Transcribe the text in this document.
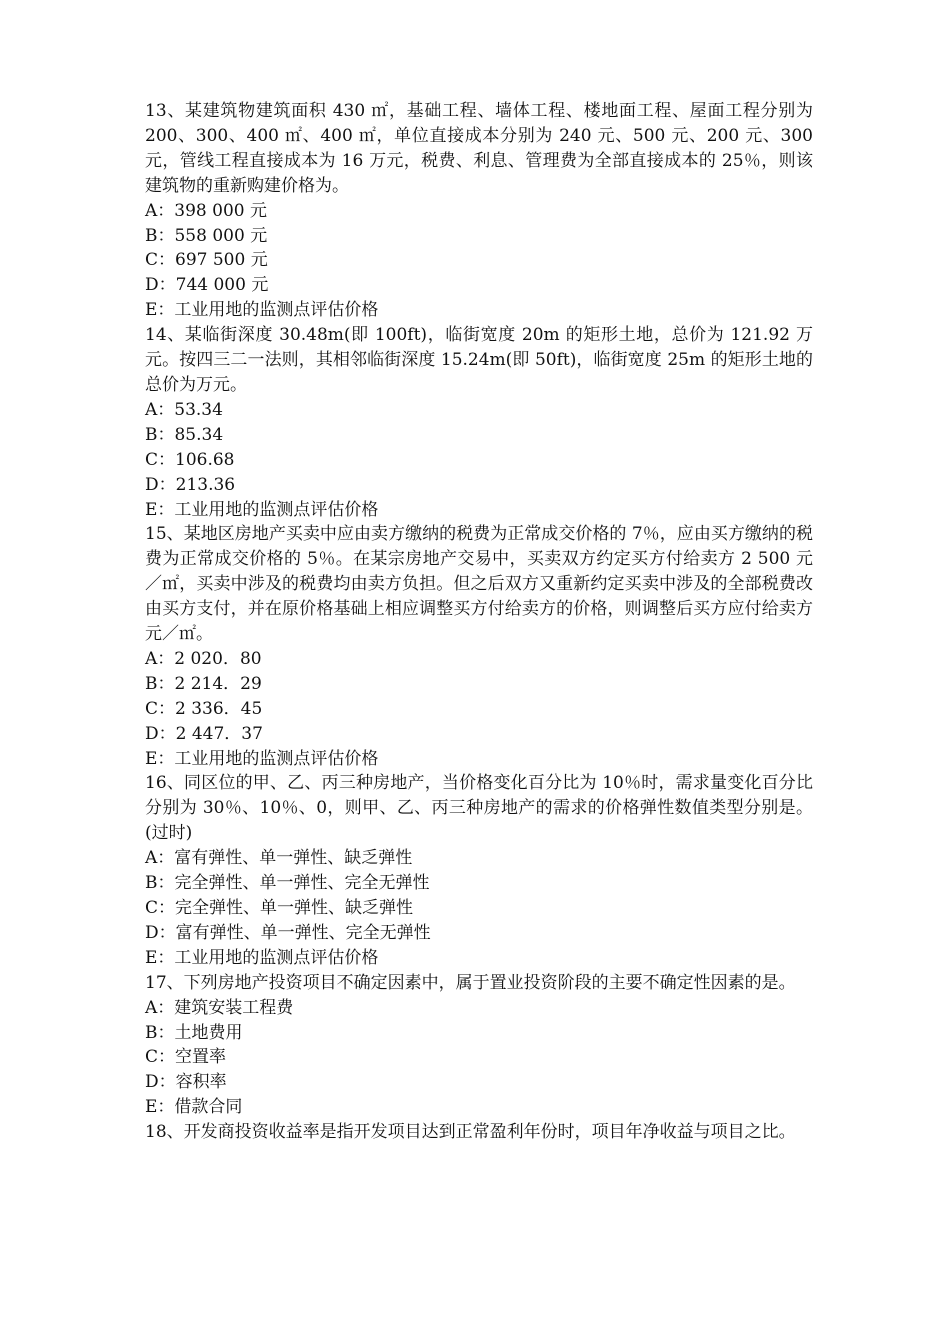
13、某建筑物建筑面积 430 ㎡，基础工程、墙体工程、楼地面工程、屋面工程分别为 200、300、400 ㎡、400 ㎡，单位直接成本分别为 240 元、500 元、200 元、300 元，管线工程直接成本为 16 万元，税费、利息、管理费为全部直接成本的 25％，则该建筑物的重新购建价格为。

A：398 000 元

B：558 000 元

C：697 500 元

D：744 000 元

E：工业用地的监测点评估价格

14、某临街深度 30.48m(即 100ft)，临街宽度 20m 的矩形土地，总价为 121.92 万元。按四三二一法则，其相邻临街深度 15.24m(即 50ft)，临街宽度 25m 的矩形土地的总价为万元。

A：53.34

B：85.34

C：106.68

D：213.36

E：工业用地的监测点评估价格

15、某地区房地产买卖中应由卖方缴纳的税费为正常成交价格的 7％，应由买方缴纳的税费为正常成交价格的 5％。在某宗房地产交易中，买卖双方约定买方付给卖方 2 500 元／㎡，买卖中涉及的税费均由卖方负担。但之后双方又重新约定买卖中涉及的全部税费改由买方支付，并在原价格基础上相应调整买方付给卖方的价格，则调整后买方应付给卖方元／㎡。

A：2 020．80

B：2 214．29

C：2 336．45

D：2 447．37

E：工业用地的监测点评估价格

16、同区位的甲、乙、丙三种房地产，当价格变化百分比为 10％时，需求量变化百分比分别为 30％、10％、0，则甲、乙、丙三种房地产的需求的价格弹性数值类型分别是。(过时)

A：富有弹性、单一弹性、缺乏弹性

B：完全弹性、单一弹性、完全无弹性

C：完全弹性、单一弹性、缺乏弹性

D：富有弹性、单一弹性、完全无弹性

E：工业用地的监测点评估价格

17、下列房地产投资项目不确定因素中，属于置业投资阶段的主要不确定性因素的是。

A：建筑安装工程费

B：土地费用

C：空置率

D：容积率

E：借款合同

18、开发商投资收益率是指开发项目达到正常盈利年份时，项目年净收益与项目之比。
